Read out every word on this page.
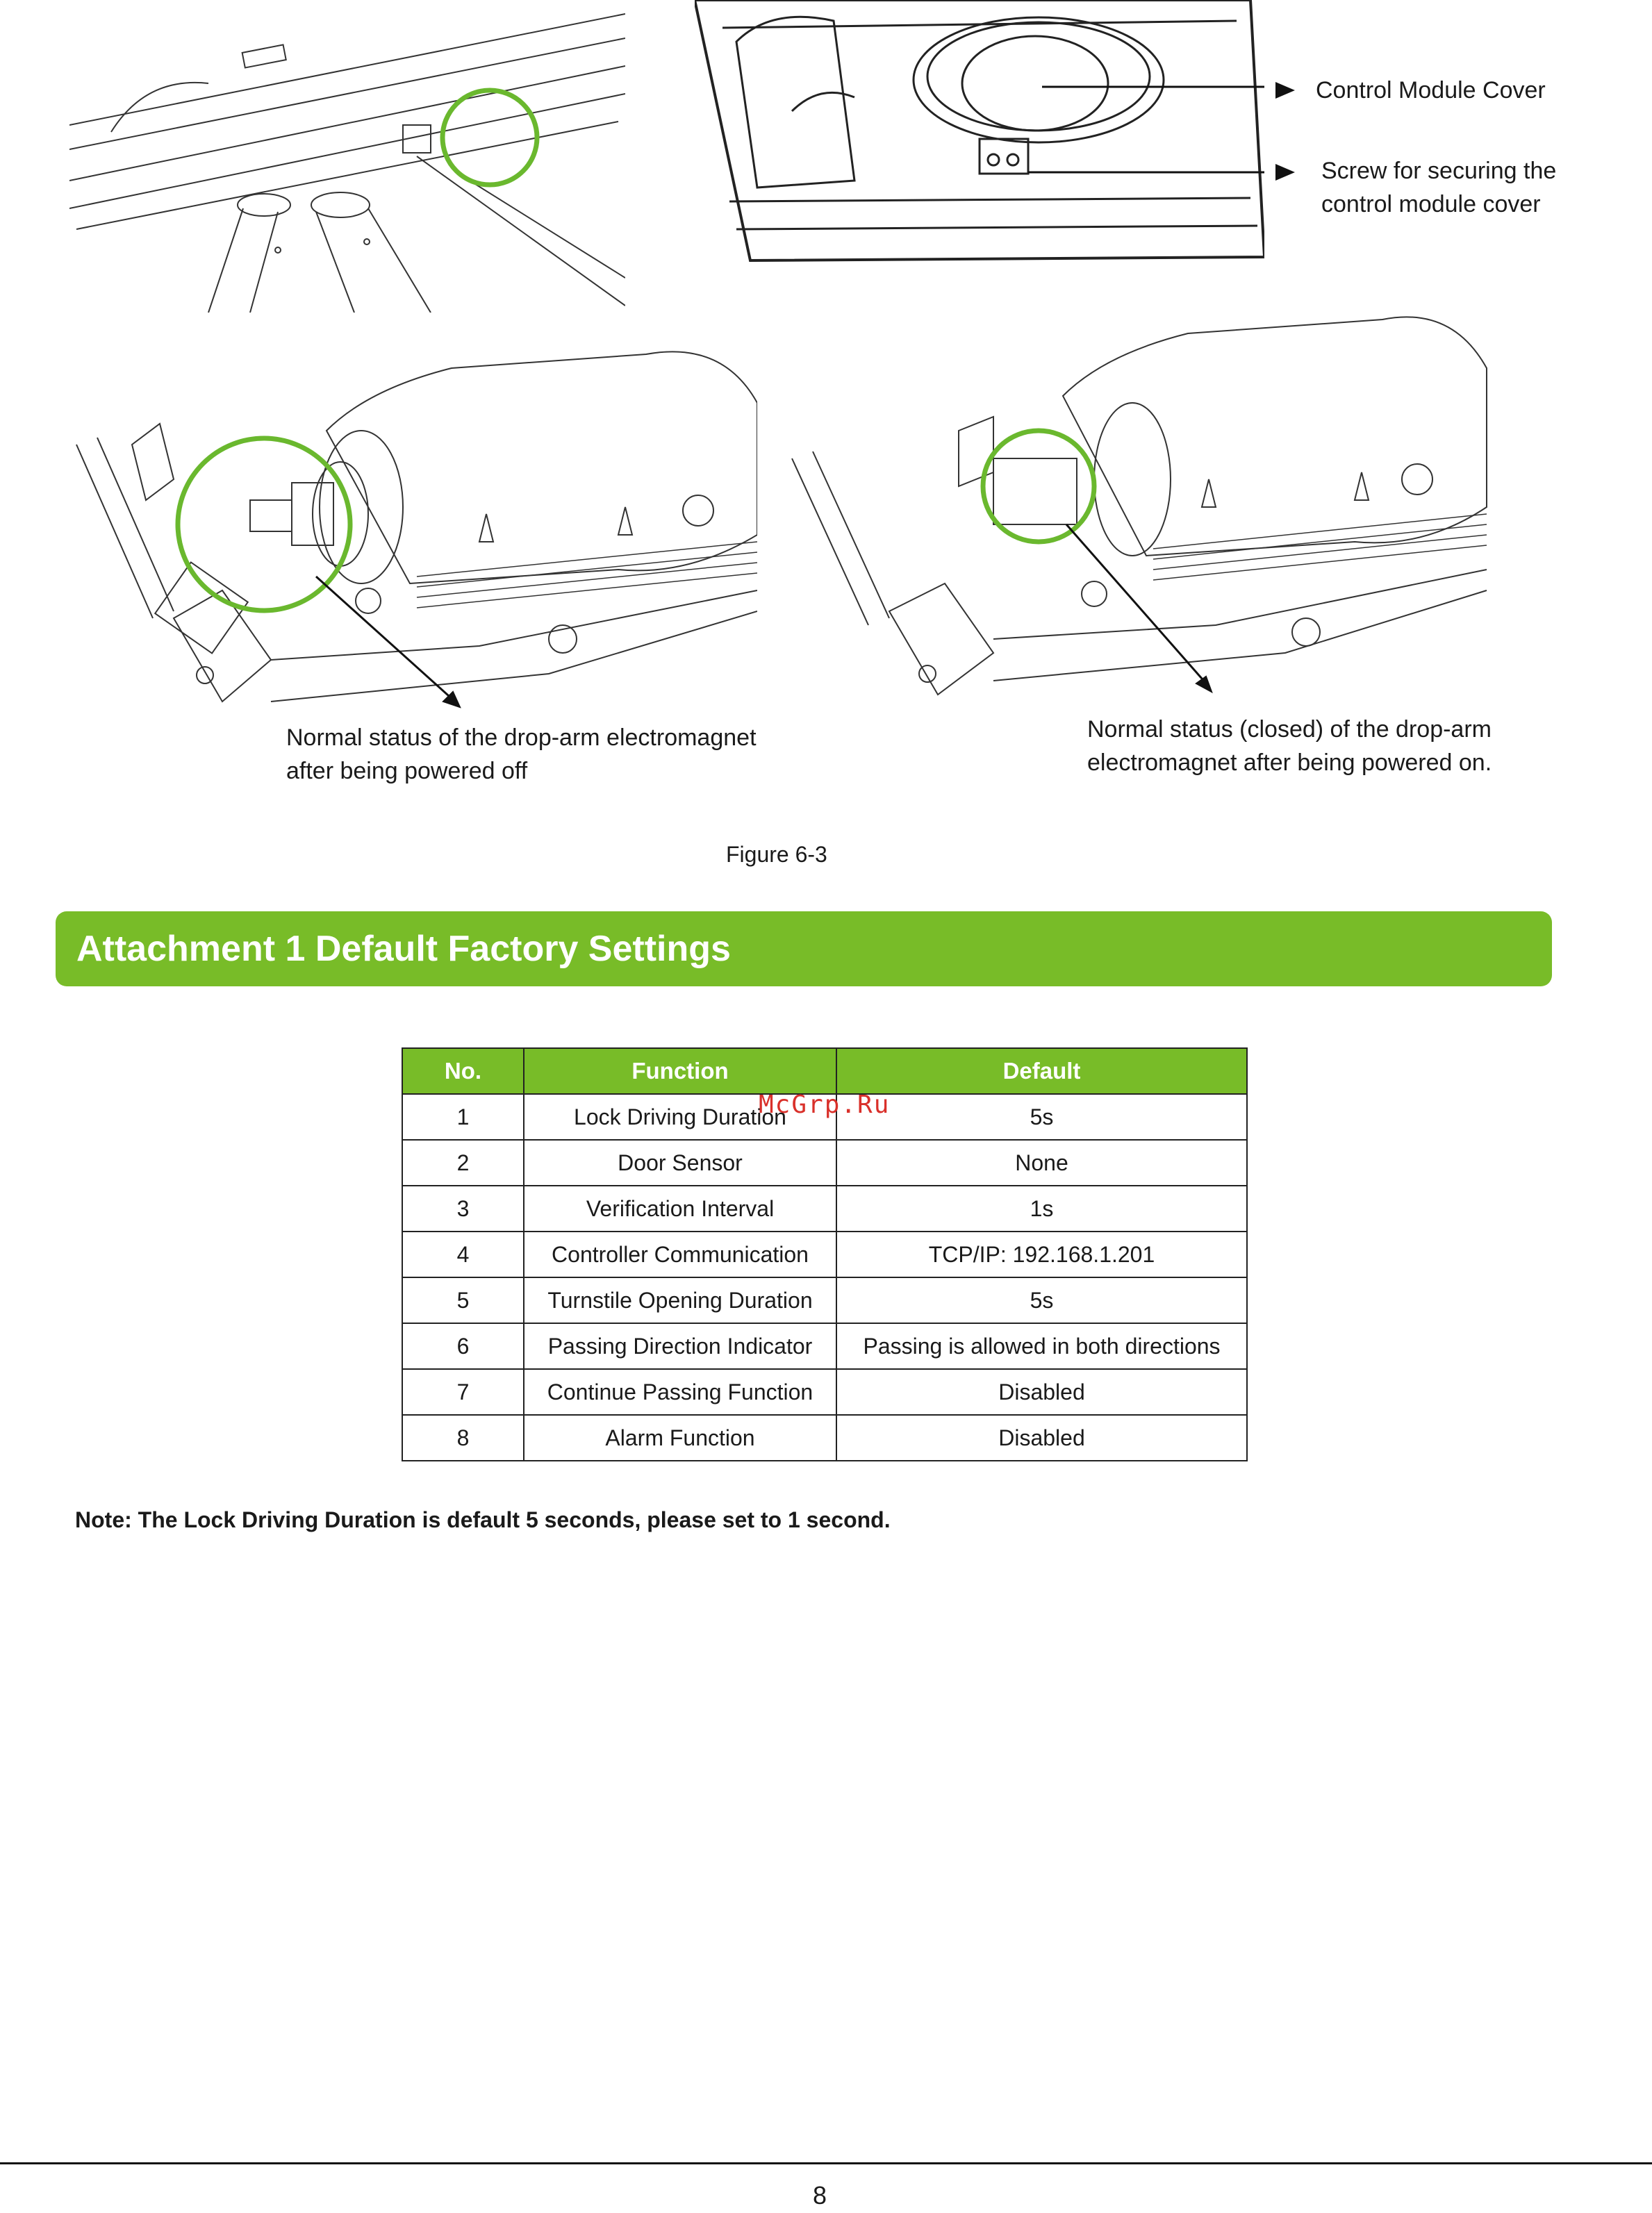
Control Module Cover
Screw for securing the
control module cover
Normal status of the drop-arm electromagnet
after being powered off
Normal status (closed) of the drop-arm
electromagnet after being powered on.
Figure 6-3
Attachment 1 Default Factory Settings
No.	Function	Default
1	Lock Driving Duration	5s
2	Door Sensor	None
3	Verification Interval	1s
4	Controller Communication	TCP/IP: 192.168.1.201
5	Turnstile Opening Duration	5s
6	Passing Direction Indicator	Passing is allowed in both directions
7	Continue Passing Function	Disabled
8	Alarm Function	Disabled
McGrp.Ru
Note: The Lock Driving Duration is default 5 seconds, please set to 1 second.
8
